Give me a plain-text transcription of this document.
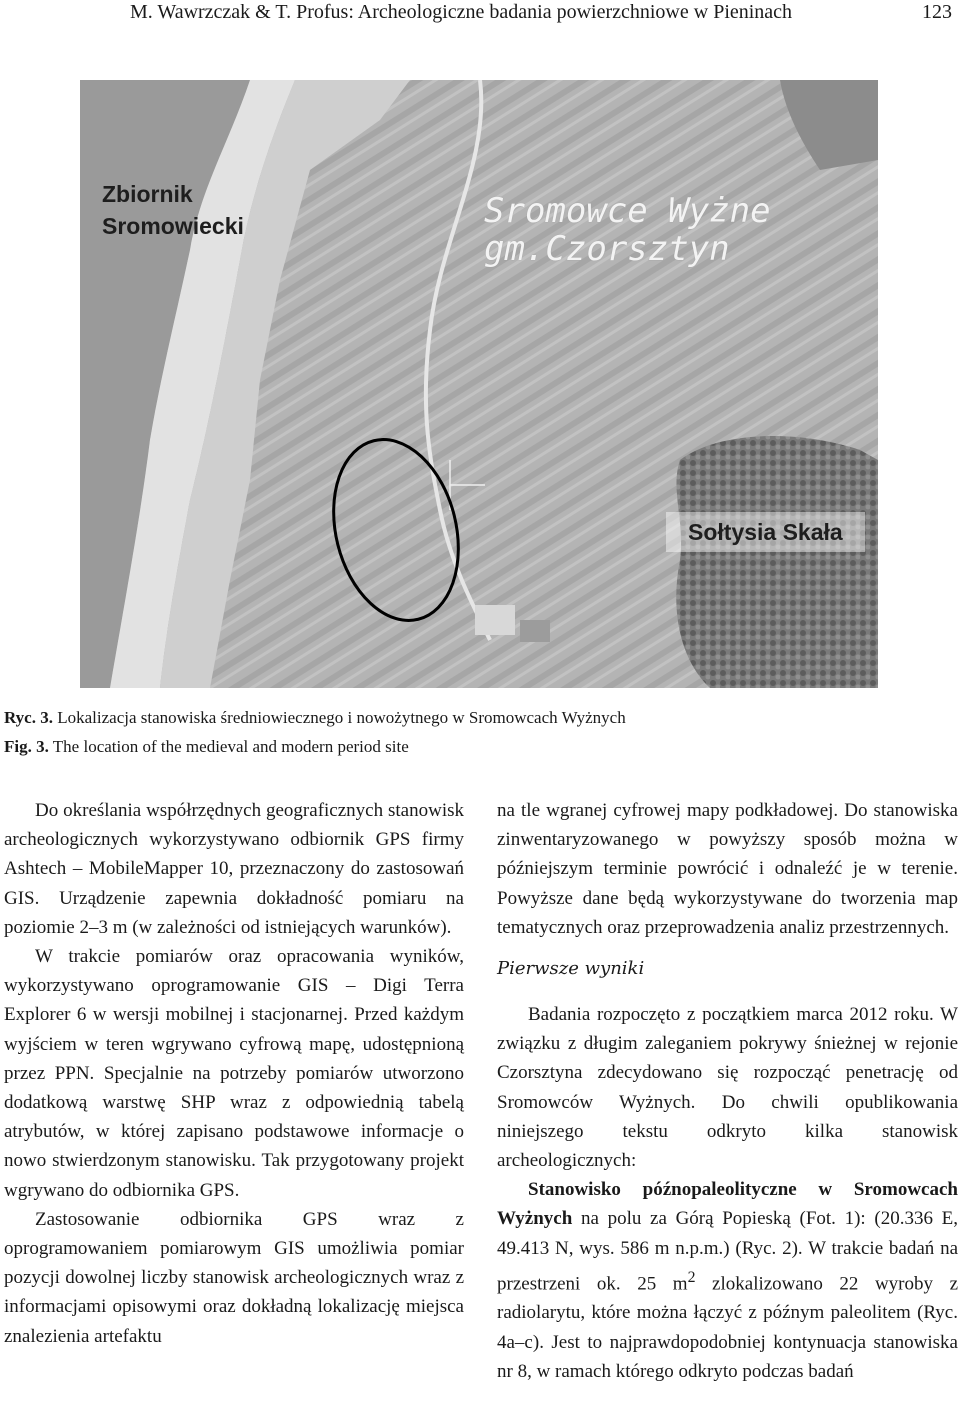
M. Wawrzczak & T. Profus: Archeologiczne badania powierzchniowe w Pieninach	123
Zbiornik
Sromowiecki	Sromowce Wyżne
gm.Czorsztyn
Sołtysia Skała
Ryc. 3. Lokalizacja stanowiska średniowiecznego i nowożytnego w Sromowcach Wyżnych
Fig. 3. The location of the medieval and modern period site

Do określania współrzędnych geograficznych stanowisk archeologicznych wykorzystywano odbiornik GPS firmy Ashtech – MobileMapper 10, przeznaczony do zastosowań GIS. Urządzenie zapewnia dokładność pomiaru na poziomie 2–3 m (w zależności od istniejących warunków).

W trakcie pomiarów oraz opracowania wyników, wykorzystywano oprogramowanie GIS – Digi Terra Explorer 6 w wersji mobilnej i stacjonarnej. Przed każdym wyjściem w teren wgrywano cyfrową mapę, udostępnioną przez PPN. Specjalnie na potrzeby pomiarów utworzono dodatkową warstwę SHP wraz z odpowiednią tabelą atrybutów, w której zapisano podstawowe informacje o nowo stwierdzonym stanowisku. Tak przygotowany projekt wgrywano do odbiornika GPS.

Zastosowanie odbiornika GPS wraz z oprogramowaniem pomiarowym GIS umożliwia pomiar pozycji dowolnej liczby stanowisk archeologicznych wraz z informacjami opisowymi oraz dokładną lokalizację miejsca znalezienia artefaktu

na tle wgranej cyfrowej mapy podkładowej. Do stanowiska zinwentaryzowanego w powyższy sposób można w późniejszym terminie powrócić i odnaleźć je w terenie. Powyższe dane będą wykorzystywane do tworzenia map tematycznych oraz przeprowadzenia analiz przestrzennych.

Pierwsze wyniki

Badania rozpoczęto z początkiem marca 2012 roku. W związku z długim zaleganiem pokrywy śnieżnej w rejonie Czorsztyna zdecydowano się rozpocząć penetrację od Sromowców Wyżnych. Do chwili opublikowania niniejszego tekstu odkryto kilka stanowisk archeologicznych:

Stanowisko późnopaleolityczne w Sromowcach Wyżnych na polu za Górą Popieską (Fot. 1): (20.336 E, 49.413 N, wys. 586 m n.p.m.) (Ryc. 2). W trakcie badań na przestrzeni ok. 25 $m^2$ zlokalizowano 22 wyroby z radiolarytu, które można łączyć z późnym paleolitem (Ryc. 4a–c). Jest to najprawdopodobniej kontynuacja stanowiska nr 8, w ramach którego odkryto podczas badań
